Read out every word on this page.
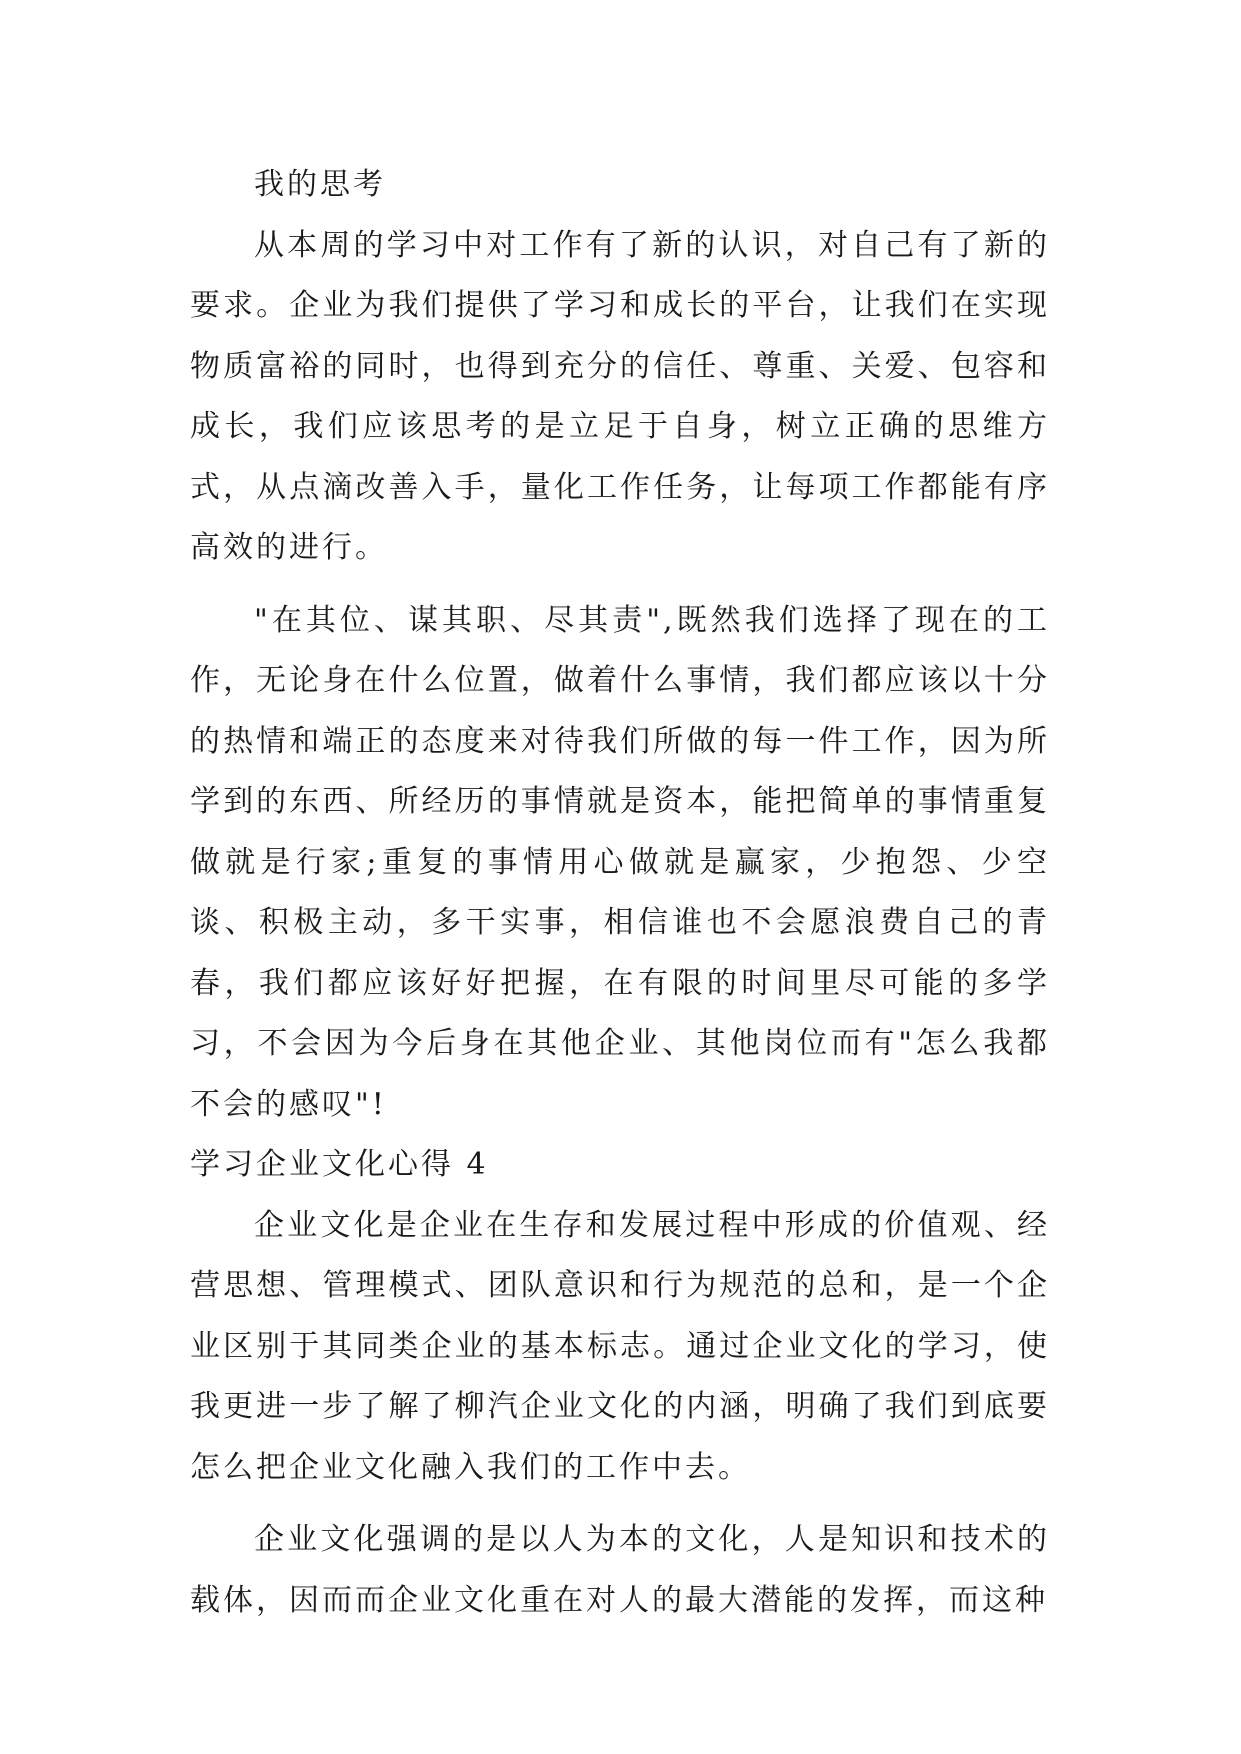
我的思考

从本周的学习中对工作有了新的认识，对自己有了新的要求。企业为我们提供了学习和成长的平台，让我们在实现物质富裕的同时，也得到充分的信任、尊重、关爱、包容和成长，我们应该思考的是立足于自身，树立正确的思维方式，从点滴改善入手，量化工作任务，让每项工作都能有序高效的进行。

"在其位、谋其职、尽其责",既然我们选择了现在的工作，无论身在什么位置，做着什么事情，我们都应该以十分的热情和端正的态度来对待我们所做的每一件工作，因为所学到的东西、所经历的事情就是资本，能把简单的事情重复做就是行家;重复的事情用心做就是赢家，少抱怨、少空谈、积极主动，多干实事，相信谁也不会愿浪费自己的青春，我们都应该好好把握，在有限的时间里尽可能的多学习，不会因为今后身在其他企业、其他岗位而有"怎么我都不会的感叹"!

学习企业文化心得 4

企业文化是企业在生存和发展过程中形成的价值观、经营思想、管理模式、团队意识和行为规范的总和，是一个企业区别于其同类企业的基本标志。通过企业文化的学习，使我更进一步了解了柳汽企业文化的内涵，明确了我们到底要怎么把企业文化融入我们的工作中去。

企业文化强调的是以人为本的文化，人是知识和技术的载体，因而而企业文化重在对人的最大潜能的发挥，而这种
